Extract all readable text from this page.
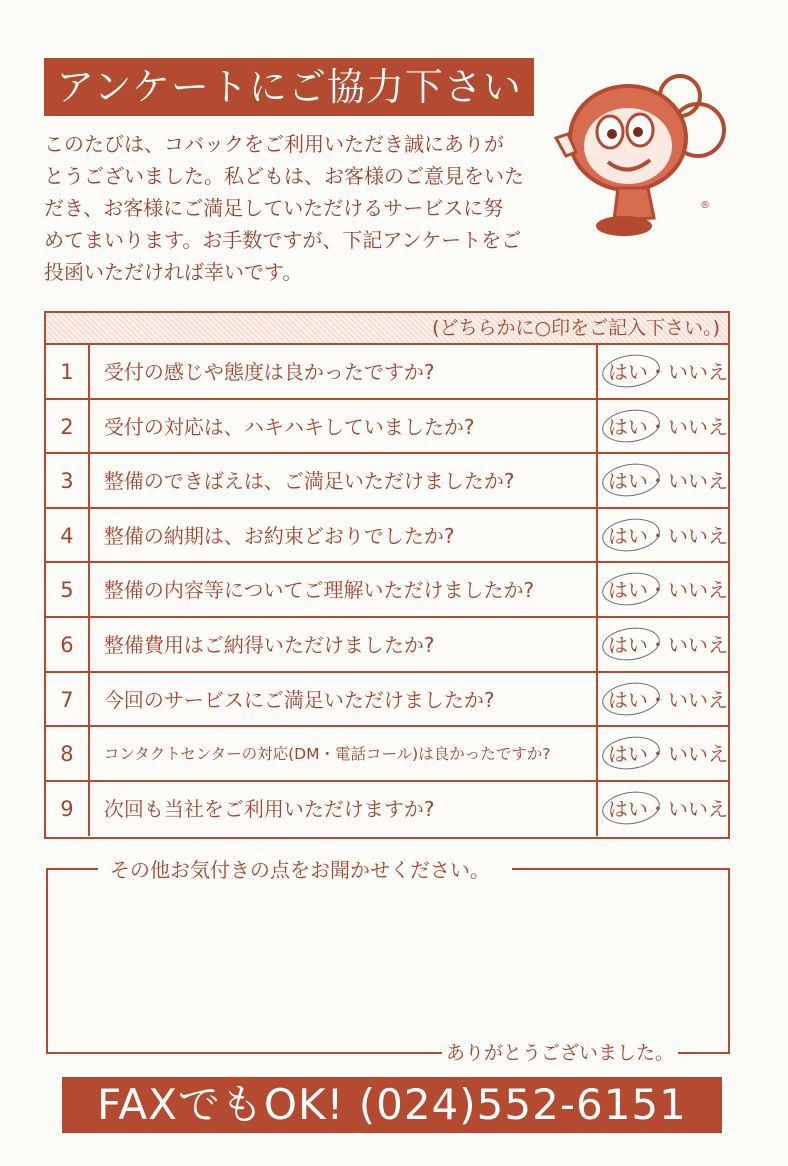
アンケートにご協力下さい
®
このたびは、コバックをご利用いただき誠にありが
とうございました。私どもは、お客様のご意見をいた
だき、お客様にご満足していただけるサービスに努
めてまいります。お手数ですが、下記アンケートをご
投函いただければ幸いです。
(どちらかに○印をご記入下さい。)
1	受付の感じや態度は良かったですか?	はい・いいえ
2	受付の対応は、ハキハキしていましたか?	はい・いいえ
3	整備のできばえは、ご満足いただけましたか?	はい・いいえ
4	整備の納期は、お約束どおりでしたか?	はい・いいえ
5	整備の内容等についてご理解いただけましたか?	はい・いいえ
6	整備費用はご納得いただけましたか?	はい・いいえ
7	今回のサービスにご満足いただけましたか?	はい・いいえ
8	コンタクトセンターの対応(DM・電話コール)は良かったですか?	はい・いいえ
9	次回も当社をご利用いただけますか?	はい・いいえ
その他お気付きの点をお聞かせください。
ありがとうございました。
FAXでもOK! (024)552-6151
